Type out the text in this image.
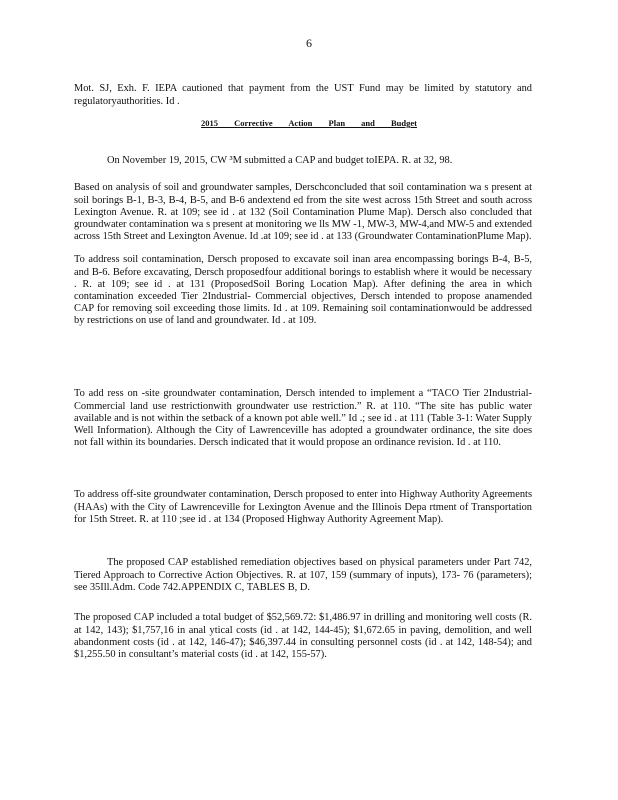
6

Mot. SJ, Exh. F. IEPA cautioned that payment from the UST Fund may be limited by statutory and regulatoryauthorities. Id .

2015 Corrective Action Plan and Budget

On November 19, 2015, CW ³M submitted a CAP and budget toIEPA. R. at 32, 98.

Based on analysis of soil and groundwater samples, Derschconcluded that soil contamination wa s present at soil borings B-1, B-3, B-4, B-5, and B-6 andextend ed from the site west across 15th Street and south across Lexington Avenue. R. at 109; see id . at 132 (Soil Contamination Plume Map). Dersch also concluded that groundwater contamination wa s present at monitoring we lls MW -1, MW-3, MW-4,and MW-5 and extended across 15th Street and Lexington Avenue. Id .at 109; see id . at 133 (Groundwater ContaminationPlume Map).

To address soil contamination, Dersch proposed to excavate soil inan area encompassing borings B-4, B-5, and B-6. Before excavating, Dersch proposedfour additional borings to establish where it would be necessary . R. at 109; see id . at 131 (ProposedSoil Boring Location Map). After defining the area in which contamination exceeded Tier 2Industrial- Commercial objectives, Dersch intended to propose anamended CAP for removing soil exceeding those limits. Id . at 109. Remaining soil contaminationwould be addressed by restrictions on use of land and groundwater. Id . at 109.

To add ress on -site groundwater contamination, Dersch intended to implement a “TACO Tier 2Industrial-Commercial land use restrictionwith groundwater use restriction.” R. at 110. “The site has public water available and is not within the setback of a known pot able well.” Id .; see id . at 111 (Table 3-1: Water Supply Well Information). Although the City of Lawrenceville has adopted a groundwater ordinance, the site does not fall within its boundaries. Dersch indicated that it would propose an ordinance revision. Id . at 110.

To address off-site groundwater contamination, Dersch proposed to enter into Highway Authority Agreements (HAAs) with the City of Lawrenceville for Lexington Avenue and the Illinois Depa rtment of Transportation for 15th Street. R. at 110 ;see id . at 134 (Proposed Highway Authority Agreement Map).

The proposed CAP established remediation objectives based on physical parameters under Part 742, Tiered Approach to Corrective Action Objectives. R. at 107, 159 (summary of inputs), 173- 76 (parameters); see 35Ill.Adm. Code 742.APPENDIX C, TABLES B, D.

The proposed CAP included a total budget of $52,569.72: $1,486.97 in drilling and monitoring well costs (R. at 142, 143); $1,757,16 in anal ytical costs (id . at 142, 144-45); $1,672.65 in paving, demolition, and well abandonment costs (id . at 142, 146-47); $46,397.44 in consulting personnel costs (id . at 142, 148-54); and $1,255.50 in consultant’s material costs (id . at 142, 155-57).
